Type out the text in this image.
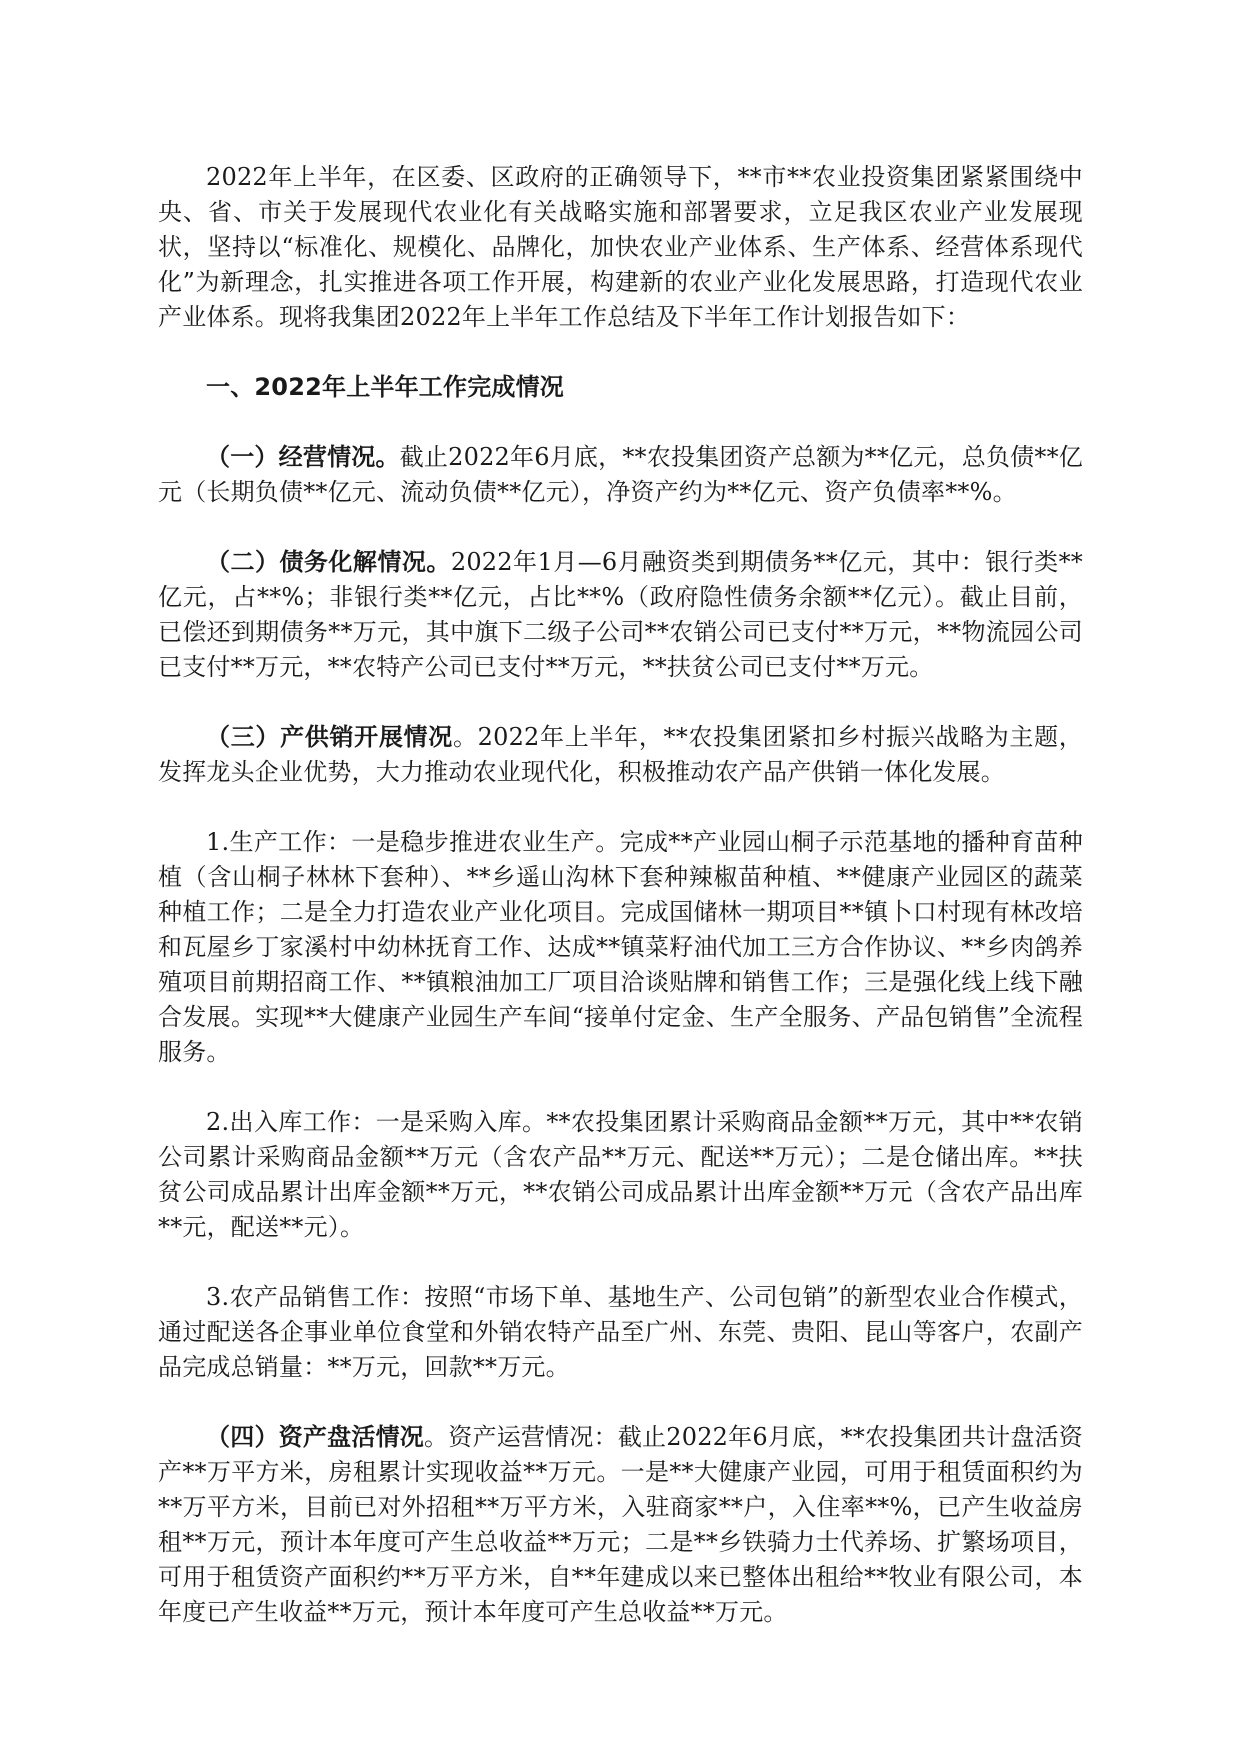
2022年上半年，在区委、区政府的正确领导下，**市**农业投资集团紧紧围绕中央、省、市关于发展现代农业化有关战略实施和部署要求，立足我区农业产业发展现状，坚持以“标准化、规模化、品牌化，加快农业产业体系、生产体系、经营体系现代化”为新理念，扎实推进各项工作开展，构建新的农业产业化发展思路，打造现代农业产业体系。现将我集团2022年上半年工作总结及下半年工作计划报告如下：

一、2022年上半年工作完成情况

（一）经营情况。截止2022年6月底，**农投集团资产总额为**亿元，总负债**亿元（长期负债**亿元、流动负债**亿元），净资产约为**亿元、资产负债率**%。

（二）债务化解情况。2022年1月—6月融资类到期债务**亿元，其中：银行类**亿元，占**%；非银行类**亿元，占比**%（政府隐性债务余额**亿元）。截止目前，已偿还到期债务**万元，其中旗下二级子公司**农销公司已支付**万元，**物流园公司已支付**万元，**农特产公司已支付**万元，**扶贫公司已支付**万元。

（三）产供销开展情况。2022年上半年，**农投集团紧扣乡村振兴战略为主题，发挥龙头企业优势，大力推动农业现代化，积极推动农产品产供销一体化发展。

1.生产工作：一是稳步推进农业生产。完成**产业园山桐子示范基地的播种育苗种植（含山桐子林林下套种）、**乡遥山沟林下套种辣椒苗种植、**健康产业园区的蔬菜种植工作；二是全力打造农业产业化项目。完成国储林一期项目**镇卜口村现有林改培和瓦屋乡丁家溪村中幼林抚育工作、达成**镇菜籽油代加工三方合作协议、**乡肉鸽养殖项目前期招商工作、**镇粮油加工厂项目洽谈贴牌和销售工作；三是强化线上线下融合发展。实现**大健康产业园生产车间“接单付定金、生产全服务、产品包销售”全流程服务。

2.出入库工作：一是采购入库。**农投集团累计采购商品金额**万元，其中**农销公司累计采购商品金额**万元（含农产品**万元、配送**万元）；二是仓储出库。**扶贫公司成品累计出库金额**万元，**农销公司成品累计出库金额**万元（含农产品出库**元，配送**元）。

3.农产品销售工作：按照“市场下单、基地生产、公司包销”的新型农业合作模式，通过配送各企事业单位食堂和外销农特产品至广州、东莞、贵阳、昆山等客户，农副产品完成总销量：**万元，回款**万元。

（四）资产盘活情况。资产运营情况：截止2022年6月底，**农投集团共计盘活资产**万平方米，房租累计实现收益**万元。一是**大健康产业园，可用于租赁面积约为**万平方米，目前已对外招租**万平方米，入驻商家**户，入住率**%，已产生收益房租**万元，预计本年度可产生总收益**万元；二是**乡铁骑力士代养场、扩繁场项目，可用于租赁资产面积约**万平方米，自**年建成以来已整体出租给**牧业有限公司，本年度已产生收益**万元，预计本年度可产生总收益**万元。
